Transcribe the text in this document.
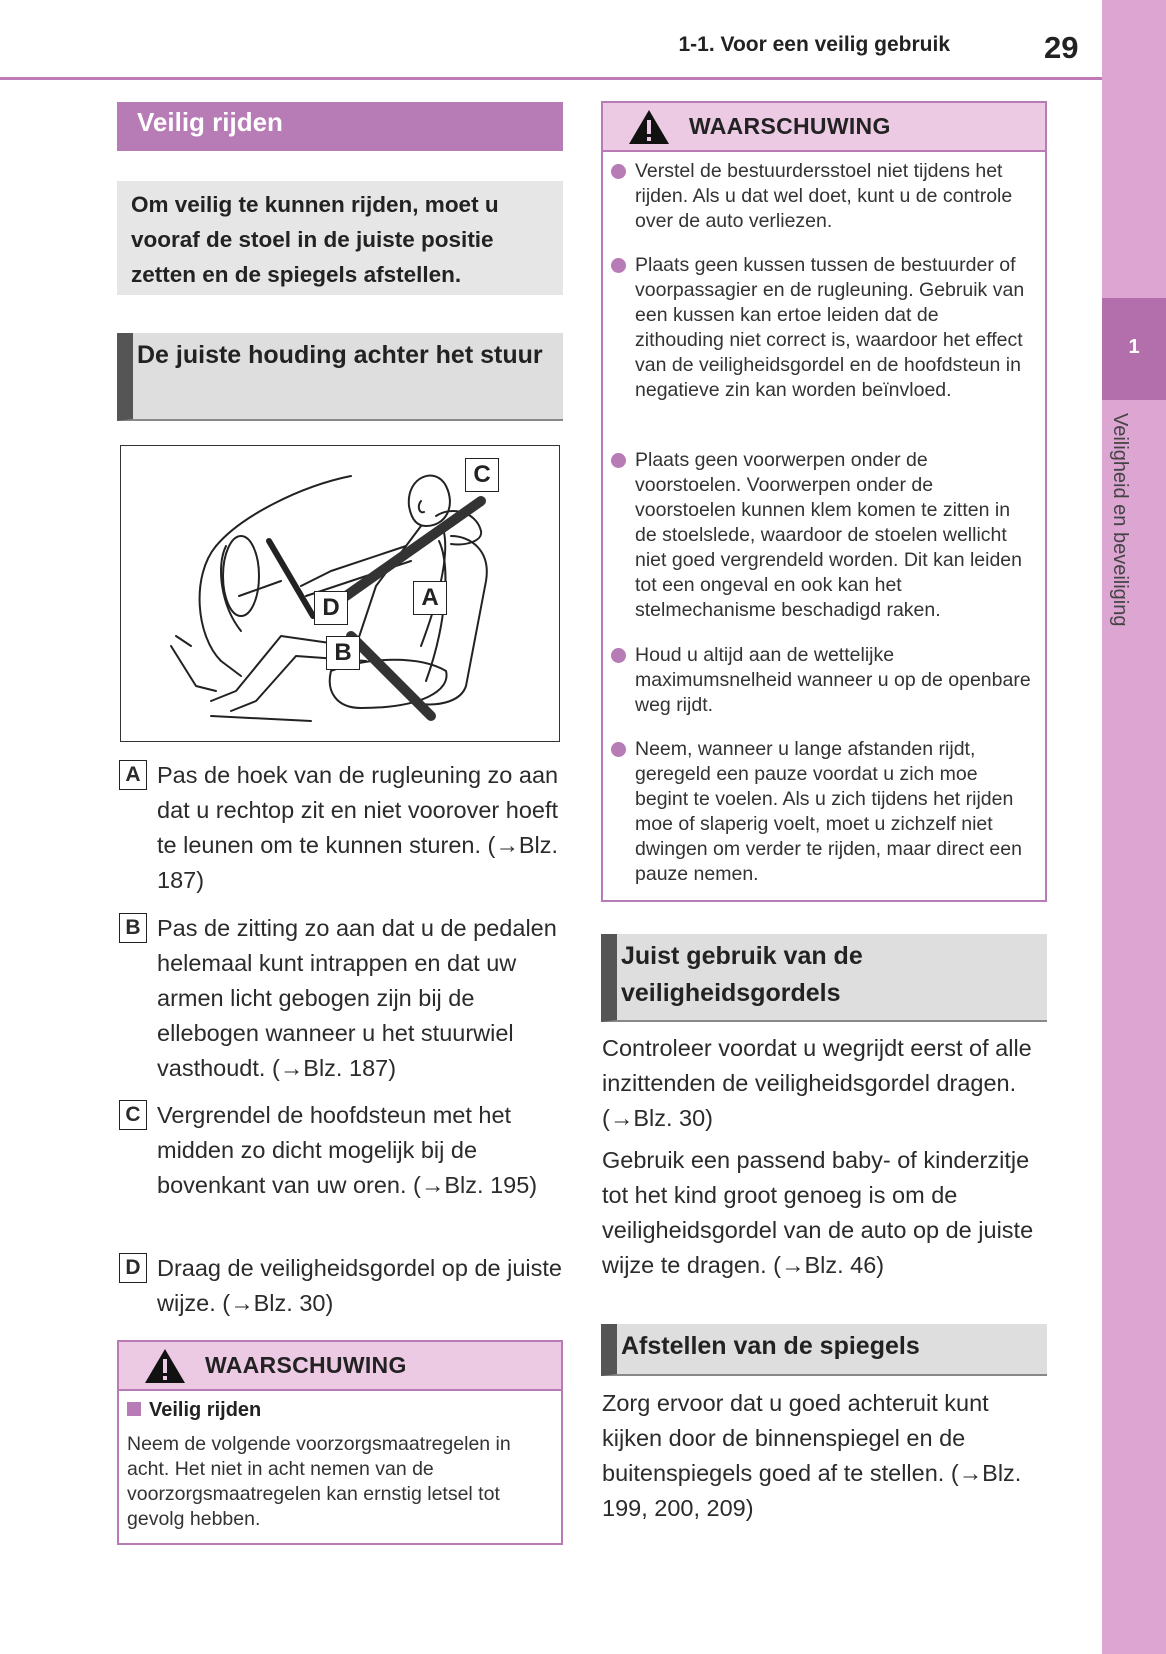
1-1. Voor een veilig gebruik	29
1
Veiligheid en beveiliging
Veilig rijden
Om veilig te kunnen rijden, moet u vooraf de stoel in de juiste positie zetten en de spiegels afstellen.
De juiste houding achter het stuur
C
A
D
B
A Pas de hoek van de rugleuning zo aan dat u rechtop zit en niet voorover hoeft te leunen om te kunnen sturen. (→Blz. 187)
B Pas de zitting zo aan dat u de pedalen helemaal kunt intrappen en dat uw armen licht gebogen zijn bij de ellebogen wanneer u het stuurwiel vasthoudt. (→Blz. 187)
C Vergrendel de hoofdsteun met het midden zo dicht mogelijk bij de bovenkant van uw oren. (→Blz. 195)
D Draag de veiligheidsgordel op de juiste wijze. (→Blz. 30)
WAARSCHUWING
Veilig rijden
Neem de volgende voorzorgsmaatregelen in acht. Het niet in acht nemen van de voorzorgsmaatregelen kan ernstig letsel tot gevolg hebben.
WAARSCHUWING
Verstel de bestuurdersstoel niet tijdens het rijden. Als u dat wel doet, kunt u de controle over de auto verliezen.
Plaats geen kussen tussen de bestuurder of voorpassagier en de rugleuning. Gebruik van een kussen kan ertoe leiden dat de zithouding niet correct is, waardoor het effect van de veiligheidsgordel en de hoofdsteun in negatieve zin kan worden beïnvloed.
Plaats geen voorwerpen onder de voorstoelen. Voorwerpen onder de voorstoelen kunnen klem komen te zitten in de stoelslede, waardoor de stoelen wellicht niet goed vergrendeld worden. Dit kan leiden tot een ongeval en ook kan het stelmechanisme beschadigd raken.
Houd u altijd aan de wettelijke maximumsnelheid wanneer u op de openbare weg rijdt.
Neem, wanneer u lange afstanden rijdt, geregeld een pauze voordat u zich moe begint te voelen. Als u zich tijdens het rijden moe of slaperig voelt, moet u zichzelf niet dwingen om verder te rijden, maar direct een pauze nemen.
Juist gebruik van de veiligheidsgordels
Controleer voordat u wegrijdt eerst of alle inzittenden de veiligheidsgordel dragen. (→Blz. 30)
Gebruik een passend baby- of kinderzitje tot het kind groot genoeg is om de veiligheidsgordel van de auto op de juiste wijze te dragen. (→Blz. 46)
Afstellen van de spiegels
Zorg ervoor dat u goed achteruit kunt kijken door de binnenspiegel en de buitenspiegels goed af te stellen. (→Blz. 199, 200, 209)
